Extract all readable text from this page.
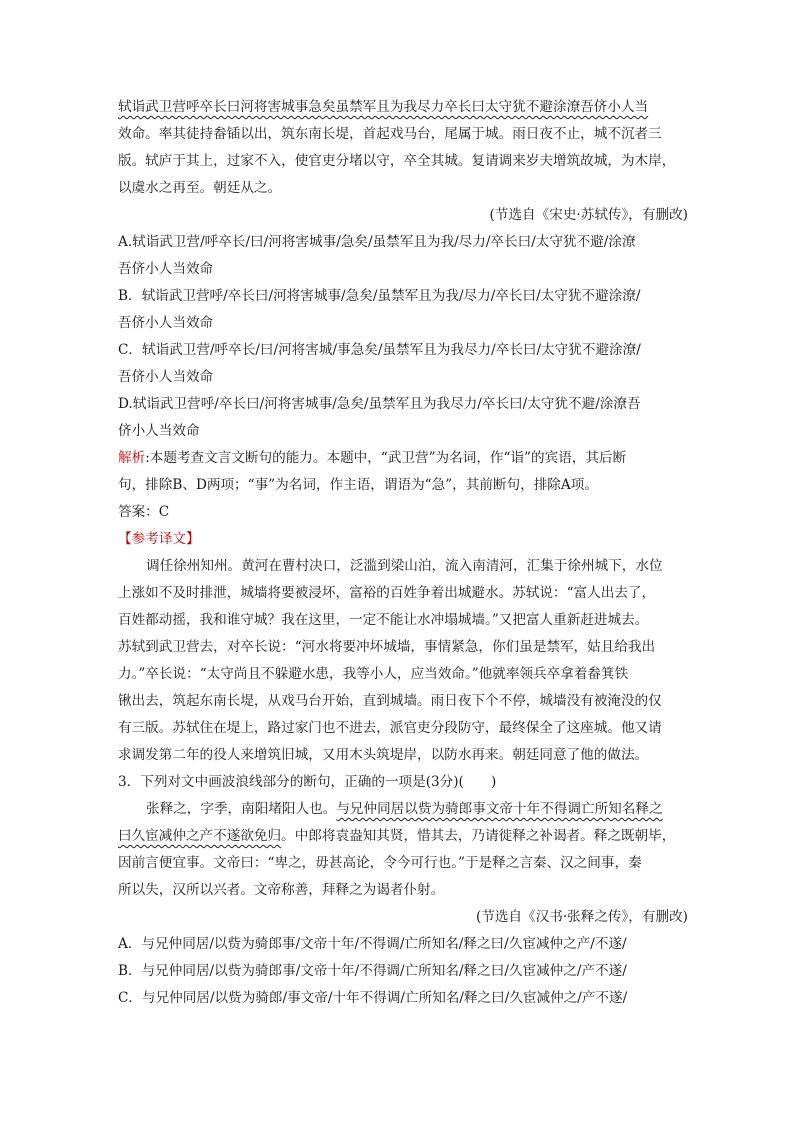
轼诣武卫营呼卒长曰河将害城事急矣虽禁军且为我尽力卒长曰太守犹不避涂潦吾侪小人当
效命。率其徒持畚锸以出，筑东南长堤，首起戏马台，尾属于城。雨日夜不止，城不沉者三
版。轼庐于其上，过家不入，使官吏分堵以守，卒全其城。复请调来岁夫增筑故城，为木岸，
以虞水之再至。朝廷从之。
(节选自《宋史·苏轼传》，有删改)
A.轼诣武卫营/呼卒长/曰/河将害城事/急矣/虽禁军且为我/尽力/卒长曰/太守犹不避/涂潦
吾侪小人当效命
B．轼诣武卫营呼/卒长曰/河将害城事/急矣/虽禁军且为我/尽力/卒长曰/太守犹不避涂潦/
吾侪小人当效命
C．轼诣武卫营/呼卒长/曰/河将害城/事急矣/虽禁军且为我尽力/卒长曰/太守犹不避涂潦/
吾侪小人当效命
D.轼诣武卫营呼/卒长曰/河将害城事/急矣/虽禁军且为我尽力/卒长曰/太守犹不避/涂潦吾
侪小人当效命
解析:本题考查文言文断句的能力。本题中，“武卫营”为名词，作“诣”的宾语，其后断
句，排除B、D两项；“事”为名词，作主语，谓语为“急”，其前断句，排除A项。
答案：C
【参考译文】
调任徐州知州。黄河在曹村决口，泛滥到梁山泊，流入南清河，汇集于徐州城下，水位
上涨如不及时排泄，城墙将要被浸坏，富裕的百姓争着出城避水。苏轼说：“富人出去了，
百姓都动摇，我和谁守城？我在这里，一定不能让水冲塌城墙。”又把富人重新赶进城去。
苏轼到武卫营去，对卒长说：“河水将要冲坏城墙，事情紧急，你们虽是禁军，姑且给我出
力。”卒长说：“太守尚且不躲避水患，我等小人，应当效命。”他就率领兵卒拿着畚箕铁
锹出去，筑起东南长堤，从戏马台开始，直到城墙。雨日夜下个不停，城墙没有被淹没的仅
有三版。苏轼住在堤上，路过家门也不进去，派官吏分段防守，最终保全了这座城。他又请
求调发第二年的役人来增筑旧城，又用木头筑堤岸，以防水再来。朝廷同意了他的做法。
3．下列对文中画波浪线部分的断句，正确的一项是(3分)(　　)
张释之，字季，南阳堵阳人也。与兄仲同居以赀为骑郎事文帝十年不得调亡所知名释之
曰久宦减仲之产不遂欲免归。中郎将袁盎知其贤，惜其去，乃请徙释之补谒者。释之既朝毕，
因前言便宜事。文帝曰：“卑之，毋甚高论，令今可行也。”于是释之言秦、汉之间事，秦
所以失，汉所以兴者。文帝称善，拜释之为谒者仆射。
(节选自《汉书·张释之传》，有删改)
A．与兄仲同居/以赀为骑郎事/文帝十年/不得调/亡所知名/释之曰/久宦减仲之产/不遂/
B．与兄仲同居/以赀为骑郎事/文帝十年/不得调/亡所知名/释之曰/久宦减仲之/产不遂/
C．与兄仲同居/以赀为骑郎/事文帝/十年不得调/亡所知名/释之曰/久宦减仲之/产不遂/
